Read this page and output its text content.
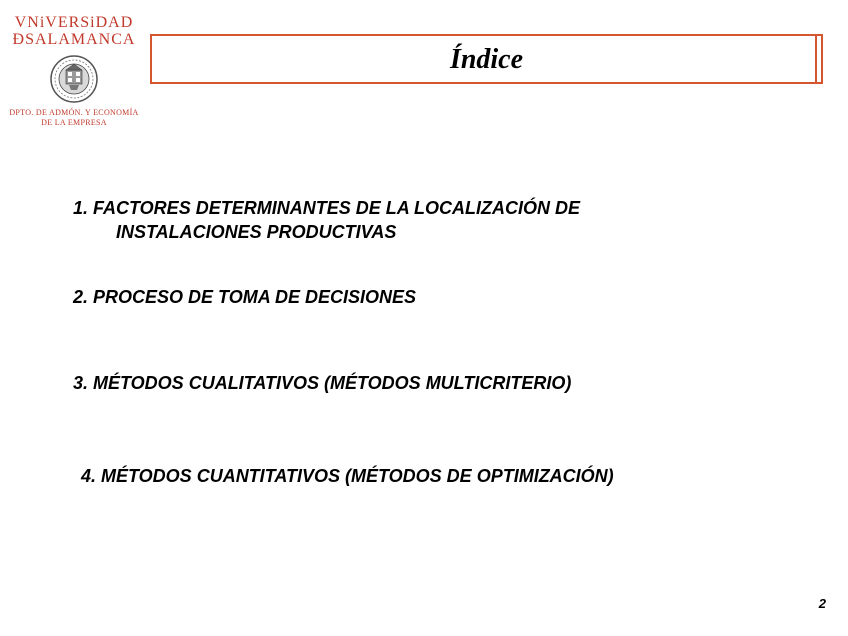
VNiVERSiDAD
ÐSALAMANCA
DPTO. DE ADMÓN. Y ECONOMÍA
DE LA EMPRESA
Índice
1. FACTORES DETERMINANTES DE LA LOCALIZACIÓN DE
INSTALACIONES PRODUCTIVAS
2. PROCESO DE TOMA DE DECISIONES
3. MÉTODOS CUALITATIVOS (MÉTODOS MULTICRITERIO)
4. MÉTODOS CUANTITATIVOS (MÉTODOS DE OPTIMIZACIÓN)
2
